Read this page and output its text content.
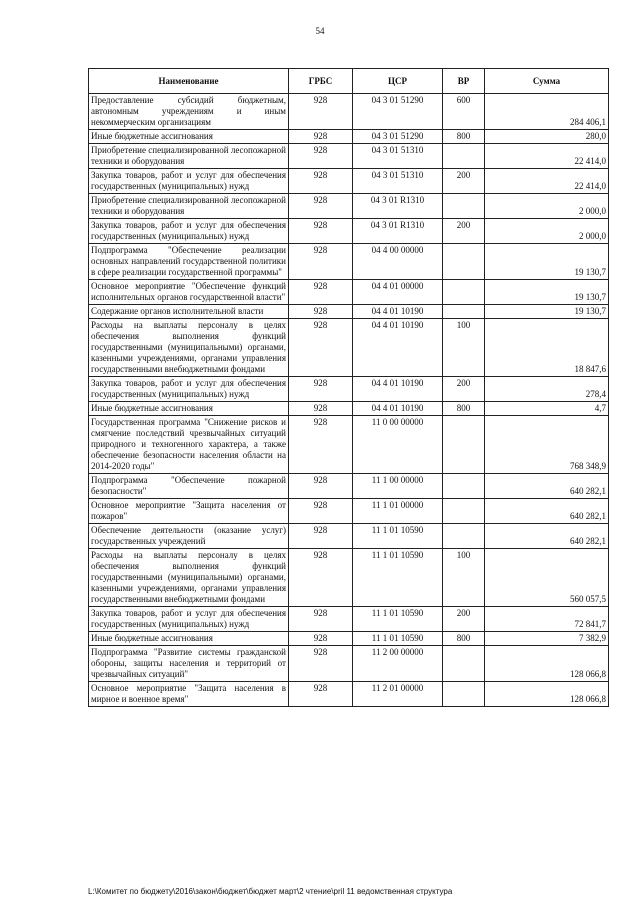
54
Наименование	ГРБС	ЦСР	ВР	Сумма
Предоставление субсидий бюджетным, автономным учреждениям и иным некоммерческим организациям	928	04 3 01 51290	600	284 406,1
Иные бюджетные ассигнования	928	04 3 01 51290	800	280,0
Приобретение специализированной лесопожарной техники и оборудования	928	04 3 01 51310		22 414,0
Закупка товаров, работ и услуг для обеспечения государственных (муниципальных) нужд	928	04 3 01 51310	200	22 414,0
Приобретение специализированной лесопожарной техники и оборудования	928	04 3 01 R1310		2 000,0
Закупка товаров, работ и услуг для обеспечения государственных (муниципальных) нужд	928	04 3 01 R1310	200	2 000,0
Подпрограмма "Обеспечение реализации основных направлений государственной политики в сфере реализации государственной программы"	928	04 4 00 00000		19 130,7
Основное мероприятие "Обеспечение функций исполнительных органов государственной власти"	928	04 4 01 00000		19 130,7
Содержание органов исполнительной власти	928	04 4 01 10190		19 130,7
Расходы на выплаты персоналу в целях обеспечения выполнения функций государственными (муниципальными) органами, казенными учреждениями, органами управления государственными внебюджетными фондами	928	04 4 01 10190	100	18 847,6
Закупка товаров, работ и услуг для обеспечения государственных (муниципальных) нужд	928	04 4 01 10190	200	278,4
Иные бюджетные ассигнования	928	04 4 01 10190	800	4,7
Государственная программа "Снижение рисков и смягчение последствий чрезвычайных ситуаций природного и техногенного характера, а также обеспечение безопасности населения области на 2014-2020 годы"	928	11 0 00 00000		768 348,9
Подпрограмма "Обеспечение пожарной безопасности"	928	11 1 00 00000		640 282,1
Основное мероприятие "Защита населения от пожаров"	928	11 1 01 00000		640 282,1
Обеспечение деятельности (оказание услуг) государственных учреждений	928	11 1 01 10590		640 282,1
Расходы на выплаты персоналу в целях обеспечения выполнения функций государственными (муниципальными) органами, казенными учреждениями, органами управления государственными внебюджетными фондами	928	11 1 01 10590	100	560 057,5
Закупка товаров, работ и услуг для обеспечения государственных (муниципальных) нужд	928	11 1 01 10590	200	72 841,7
Иные бюджетные ассигнования	928	11 1 01 10590	800	7 382,9
Подпрограмма "Развитие системы гражданской обороны, защиты населения и территорий от чрезвычайных ситуаций"	928	11 2 00 00000		128 066,8
Основное мероприятие "Защита населения в мирное и военное время"	928	11 2 01 00000		128 066,8
L:\Комитет по бюджету\2016\закон\бюджет\бюджет март\2 чтение\pril 11 ведомственная структура
